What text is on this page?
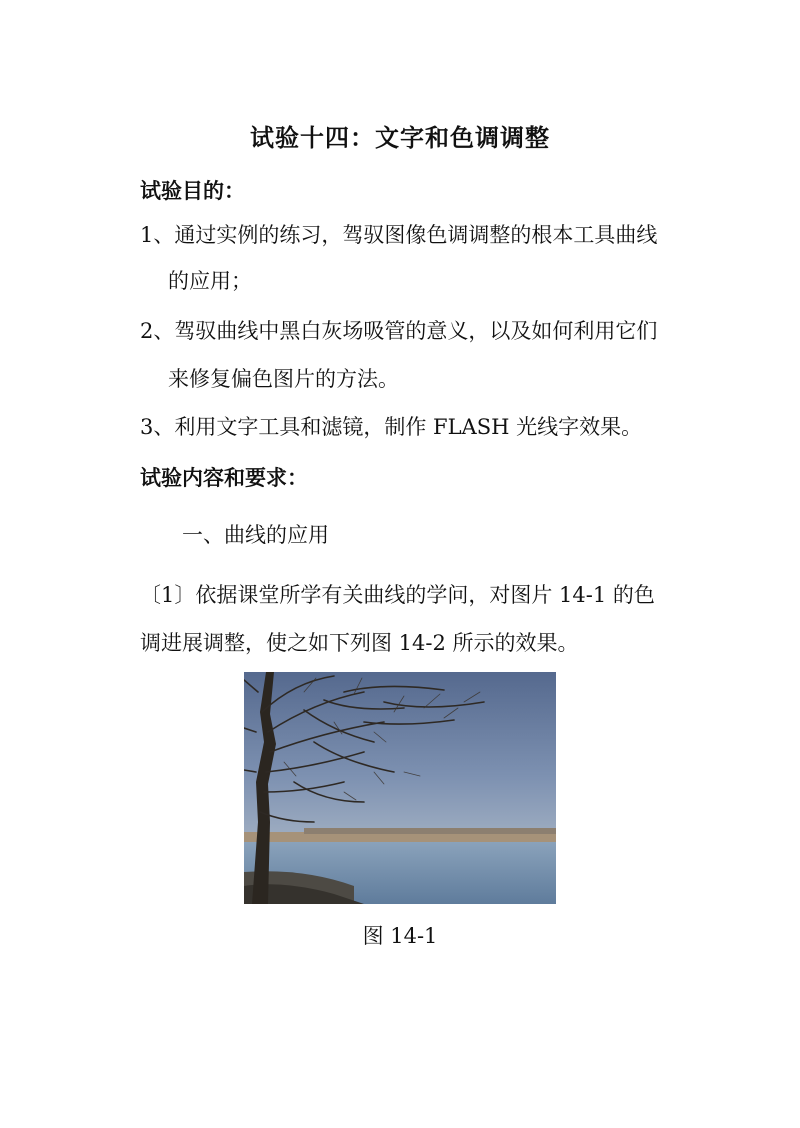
试验十四：文字和色调调整
试验目的：
1、通过实例的练习，驾驭图像色调调整的根本工具曲线
的应用；
2、驾驭曲线中黑白灰场吸管的意义，以及如何利用它们
来修复偏色图片的方法。
3、利用文字工具和滤镜，制作 FLASH 光线字效果。
试验内容和要求：
一、曲线的应用
〔1〕依据课堂所学有关曲线的学问，对图片 14-1 的色
调进展调整，使之如下列图 14-2 所示的效果。
图 14-1
